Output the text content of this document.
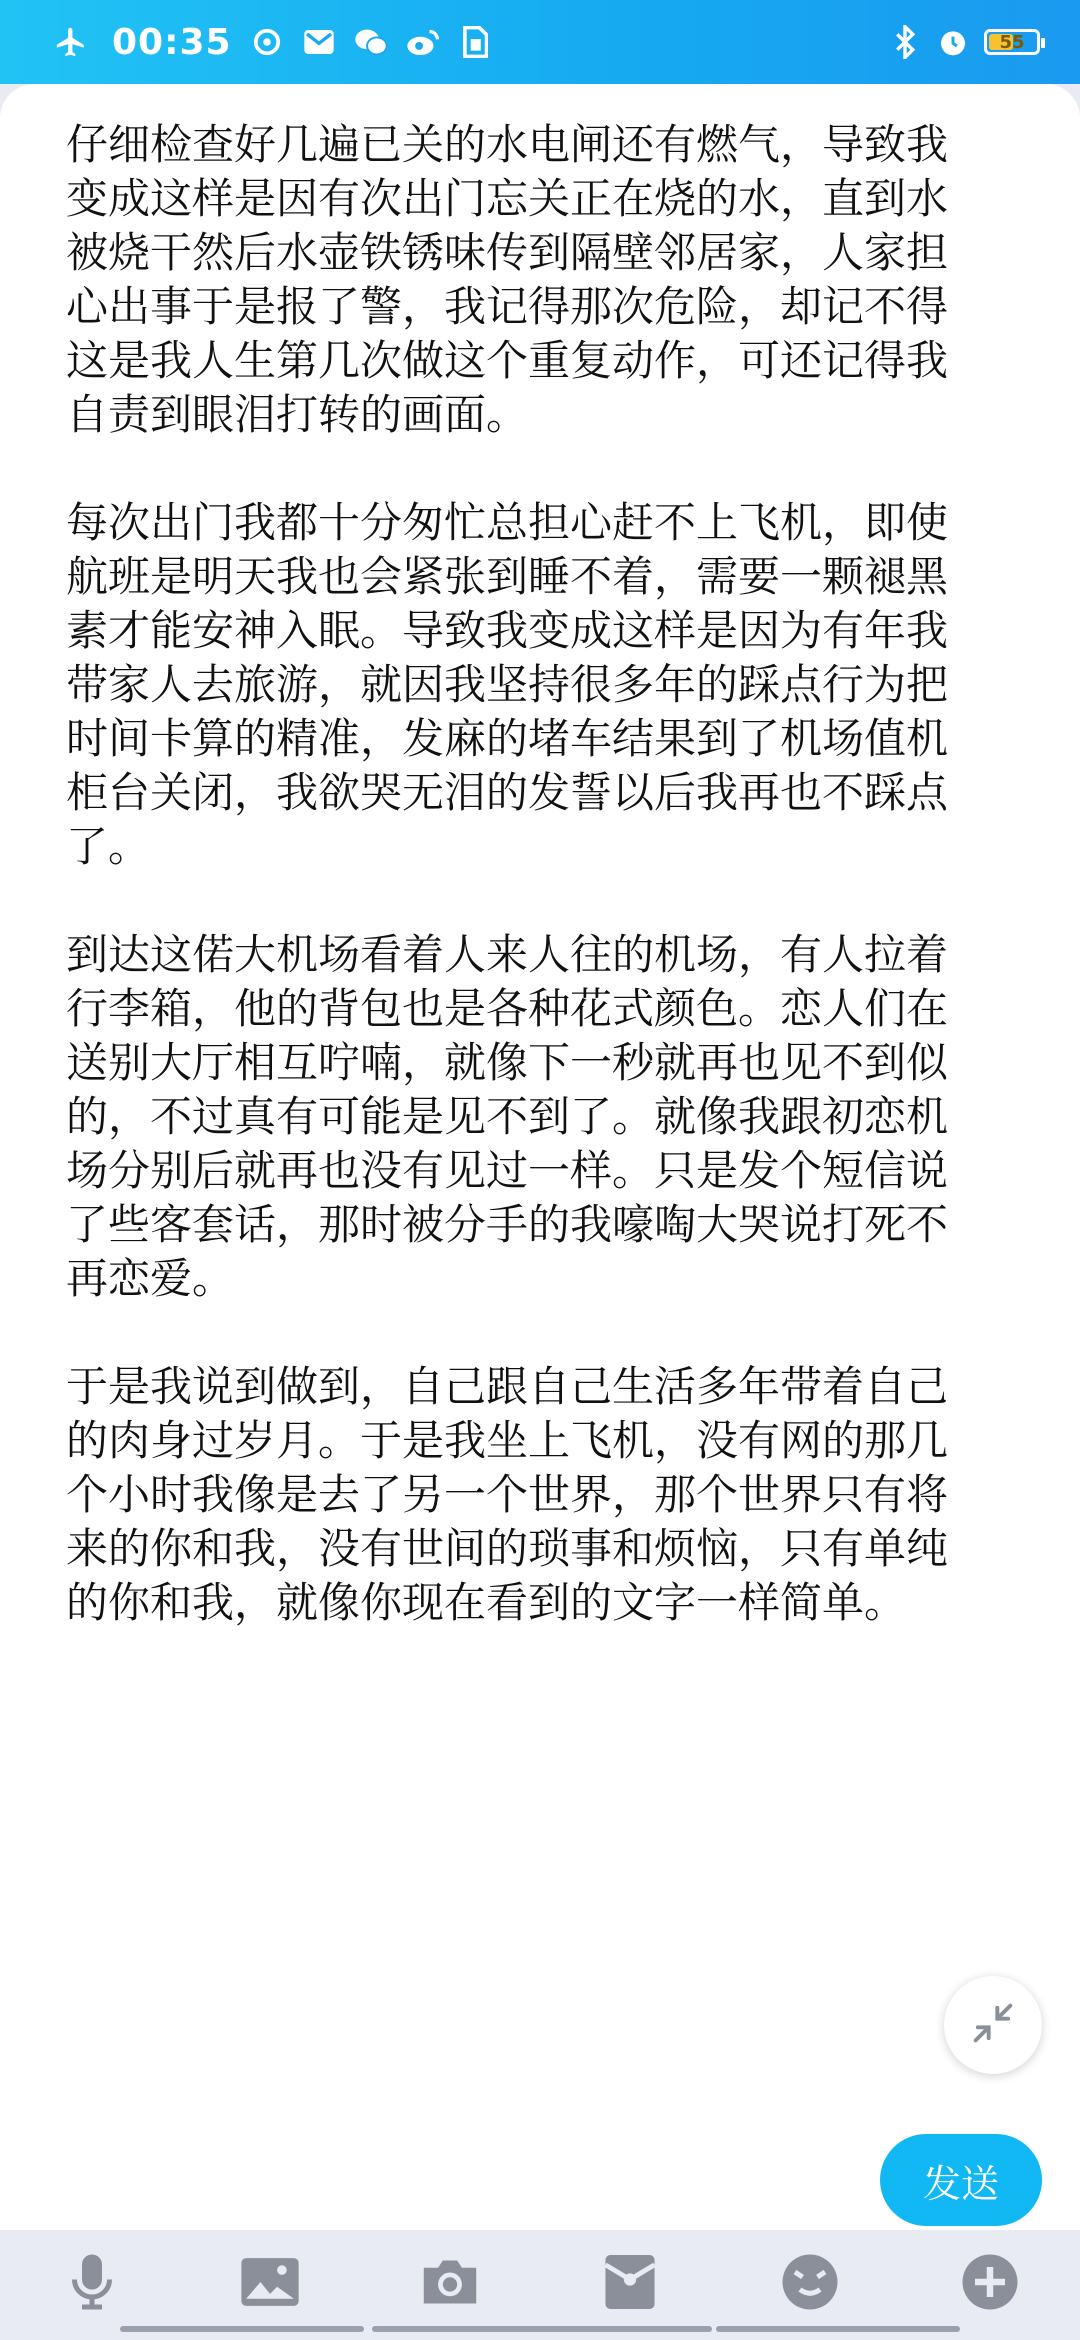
00:35	55

仔细检查好几遍已关的水电闸还有燃气，导致我变成这样是因有次出门忘关正在烧的水，直到水被烧干然后水壶铁锈味传到隔壁邻居家，人家担心出事于是报了警，我记得那次危险，却记不得这是我人生第几次做这个重复动作，可还记得我自责到眼泪打转的画面。

每次出门我都十分匆忙总担心赶不上飞机，即使航班是明天我也会紧张到睡不着，需要一颗褪黑素才能安神入眠。导致我变成这样是因为有年我带家人去旅游，就因我坚持很多年的踩点行为把时间卡算的精准，发麻的堵车结果到了机场值机柜台关闭，我欲哭无泪的发誓以后我再也不踩点了。

到达这偌大机场看着人来人往的机场，有人拉着行李箱，他的背包也是各种花式颜色。恋人们在送别大厅相互咛喃，就像下一秒就再也见不到似的，不过真有可能是见不到了。就像我跟初恋机场分别后就再也没有见过一样。只是发个短信说了些客套话，那时被分手的我嚎啕大哭说打死不再恋爱。

于是我说到做到，自己跟自己生活多年带着自己的肉身过岁月。于是我坐上飞机，没有网的那几个小时我像是去了另一个世界，那个世界只有将来的你和我，没有世间的琐事和烦恼，只有单纯的你和我，就像你现在看到的文字一样简单。

发送
